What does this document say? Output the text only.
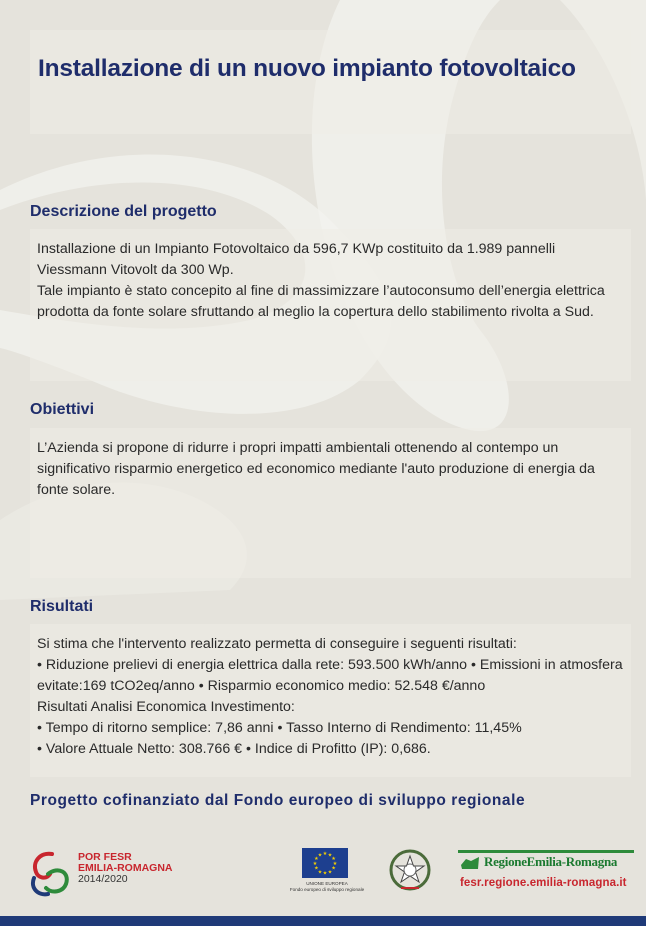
Installazione di un nuovo impianto fotovoltaico
Descrizione del progetto

Installazione di un Impianto Fotovoltaico da 596,7 KWp costituito da 1.989 pannelli Viessmann Vitovolt da 300 Wp.

Tale impianto è stato concepito al fine di massimizzare l’autoconsumo dell’energia elettrica prodotta da fonte solare sfruttando al meglio la copertura dello stabilimento rivolta a Sud.

Obiettivi

L’Azienda si propone di ridurre i propri impatti ambientali ottenendo al contempo un significativo risparmio energetico ed economico mediante l'auto produzione di energia da fonte solare.

Risultati

Si stima che l'intervento realizzato permetta di conseguire i seguenti risultati:

• Riduzione prelievi di energia elettrica dalla rete: 593.500 kWh/anno • Emissioni in atmosfera evitate:169 tCO2eq/anno • Risparmio economico medio: 52.548 €/anno

Risultati Analisi Economica Investimento:

• Tempo di ritorno semplice: 7,86 anni • Tasso Interno di Rendimento: 11,45%

• Valore Attuale Netto: 308.766 € • Indice di Profitto (IP): 0,686.

Progetto cofinanziato dal Fondo europeo di sviluppo regionale
POR FESR
EMILIA-ROMAGNA
2014/2020
★ ★
★
★
★
★
★
★
★
★
★
★
UNIONE EUROPEA
Fondo europeo di sviluppo regionale
RegioneEmilia-Romagna
fesr.regione.emilia-romagna.it
